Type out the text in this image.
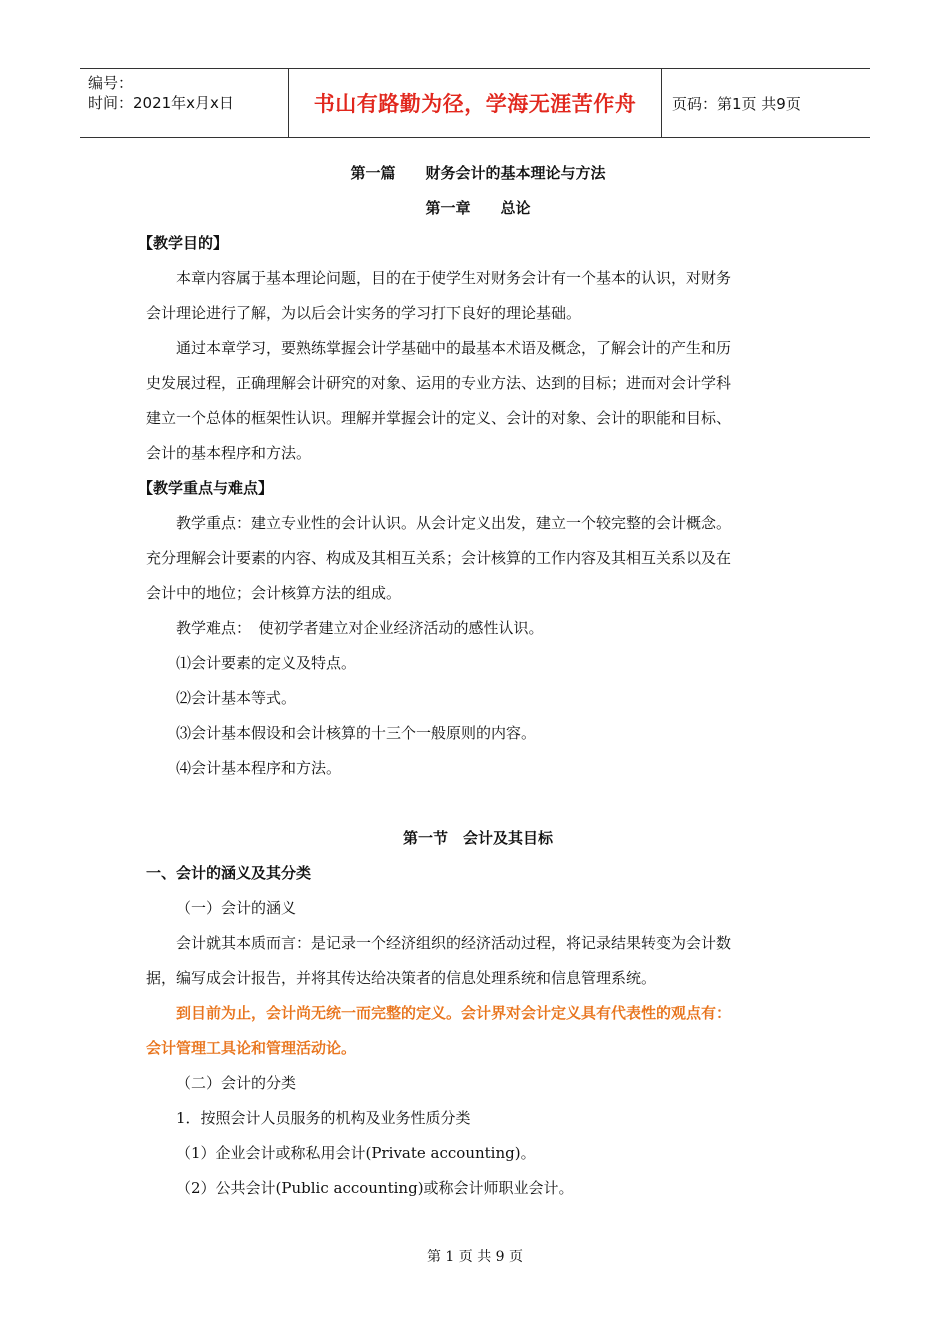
编号：
时间：2021年x月x日	书山有路勤为径，学海无涯苦作舟 页码：第1页 共9页
第一篇　　财务会计的基本理论与方法
第一章　　总论
【教学目的】
本章内容属于基本理论问题，目的在于使学生对财务会计有一个基本的认识，对财务
会计理论进行了解，为以后会计实务的学习打下良好的理论基础。
通过本章学习，要熟练掌握会计学基础中的最基本术语及概念，了解会计的产生和历
史发展过程，正确理解会计研究的对象、运用的专业方法、达到的目标；进而对会计学科
建立一个总体的框架性认识。理解并掌握会计的定义、会计的对象、会计的职能和目标、
会计的基本程序和方法。
【教学重点与难点】
教学重点：建立专业性的会计认识。从会计定义出发，建立一个较完整的会计概念。
充分理解会计要素的内容、构成及其相互关系；会计核算的工作内容及其相互关系以及在
会计中的地位；会计核算方法的组成。
教学难点：　使初学者建立对企业经济活动的感性认识。
⑴会计要素的定义及特点。
⑵会计基本等式。
⑶会计基本假设和会计核算的十三个一般原则的内容。
⑷会计基本程序和方法。
第一节　会计及其目标
一、会计的涵义及其分类
（一）会计的涵义
会计就其本质而言：是记录一个经济组织的经济活动过程，将记录结果转变为会计数
据，编写成会计报告，并将其传达给决策者的信息处理系统和信息管理系统。
到目前为止，会计尚无统一而完整的定义。会计界对会计定义具有代表性的观点有：
会计管理工具论和管理活动论。
（二）会计的分类
1．按照会计人员服务的机构及业务性质分类
（1）企业会计或称私用会计(Private accounting)。
（2）公共会计(Public accounting)或称会计师职业会计。
第 1 页 共 9 页
